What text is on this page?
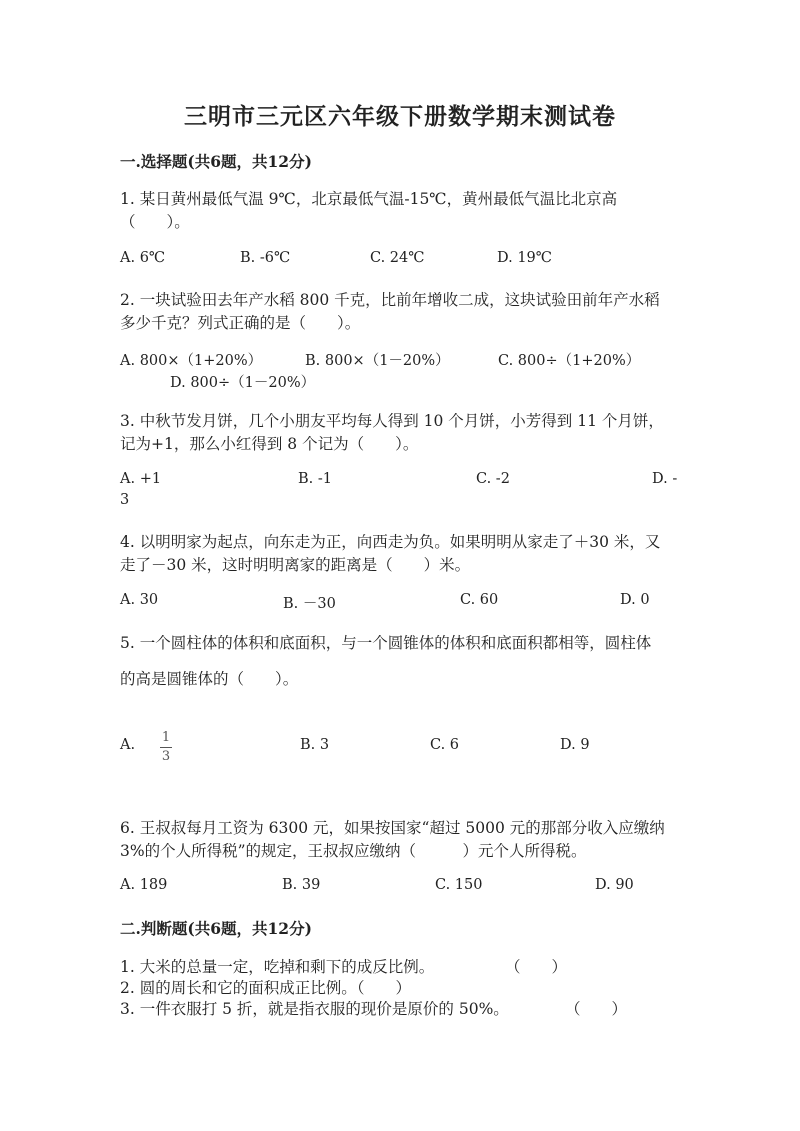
三明市三元区六年级下册数学期末测试卷
一.选择题(共6题，共12分)
1. 某日黄州最低气温 9℃，北京最低气温-15℃，黄州最低气温比北京高
（　　）。
A. 6℃	B. -6℃	C. 24℃	D. 19℃
2. 一块试验田去年产水稻 800 千克，比前年增收二成，这块试验田前年产水稻
多少千克？列式正确的是（　　）。
A. 800×（1+20%）	B. 800×（1－20%）	C. 800÷（1+20%）
D. 800÷（1－20%）
3. 中秋节发月饼，几个小朋友平均每人得到 10 个月饼，小芳得到 11 个月饼，
记为+1，那么小红得到 8 个记为（　　）。
A. +1	B. -1	C. -2	D. -
3
4. 以明明家为起点，向东走为正，向西走为负。如果明明从家走了＋30 米，又
走了－30 米，这时明明离家的距离是（　　）米。
A. 30	B. －30	C. 60	D. 0
5. 一个圆柱体的体积和底面积，与一个圆锥体的体积和底面积都相等，圆柱体
的高是圆锥体的（　　）。
A. 1
3
B. 3	C. 6	D. 9
6. 王叔叔每月工资为 6300 元，如果按国家“超过 5000 元的那部分收入应缴纳
3%的个人所得税”的规定，王叔叔应缴纳（　　　）元个人所得税。
A. 189	B. 39	C. 150	D. 90
二.判断题(共6题，共12分)
1. 大米的总量一定，吃掉和剩下的成反比例。	（　　）
2. 圆的周长和它的面积成正比例。（　　）
3. 一件衣服打 5 折，就是指衣服的现价是原价的 50%。	（　　）
